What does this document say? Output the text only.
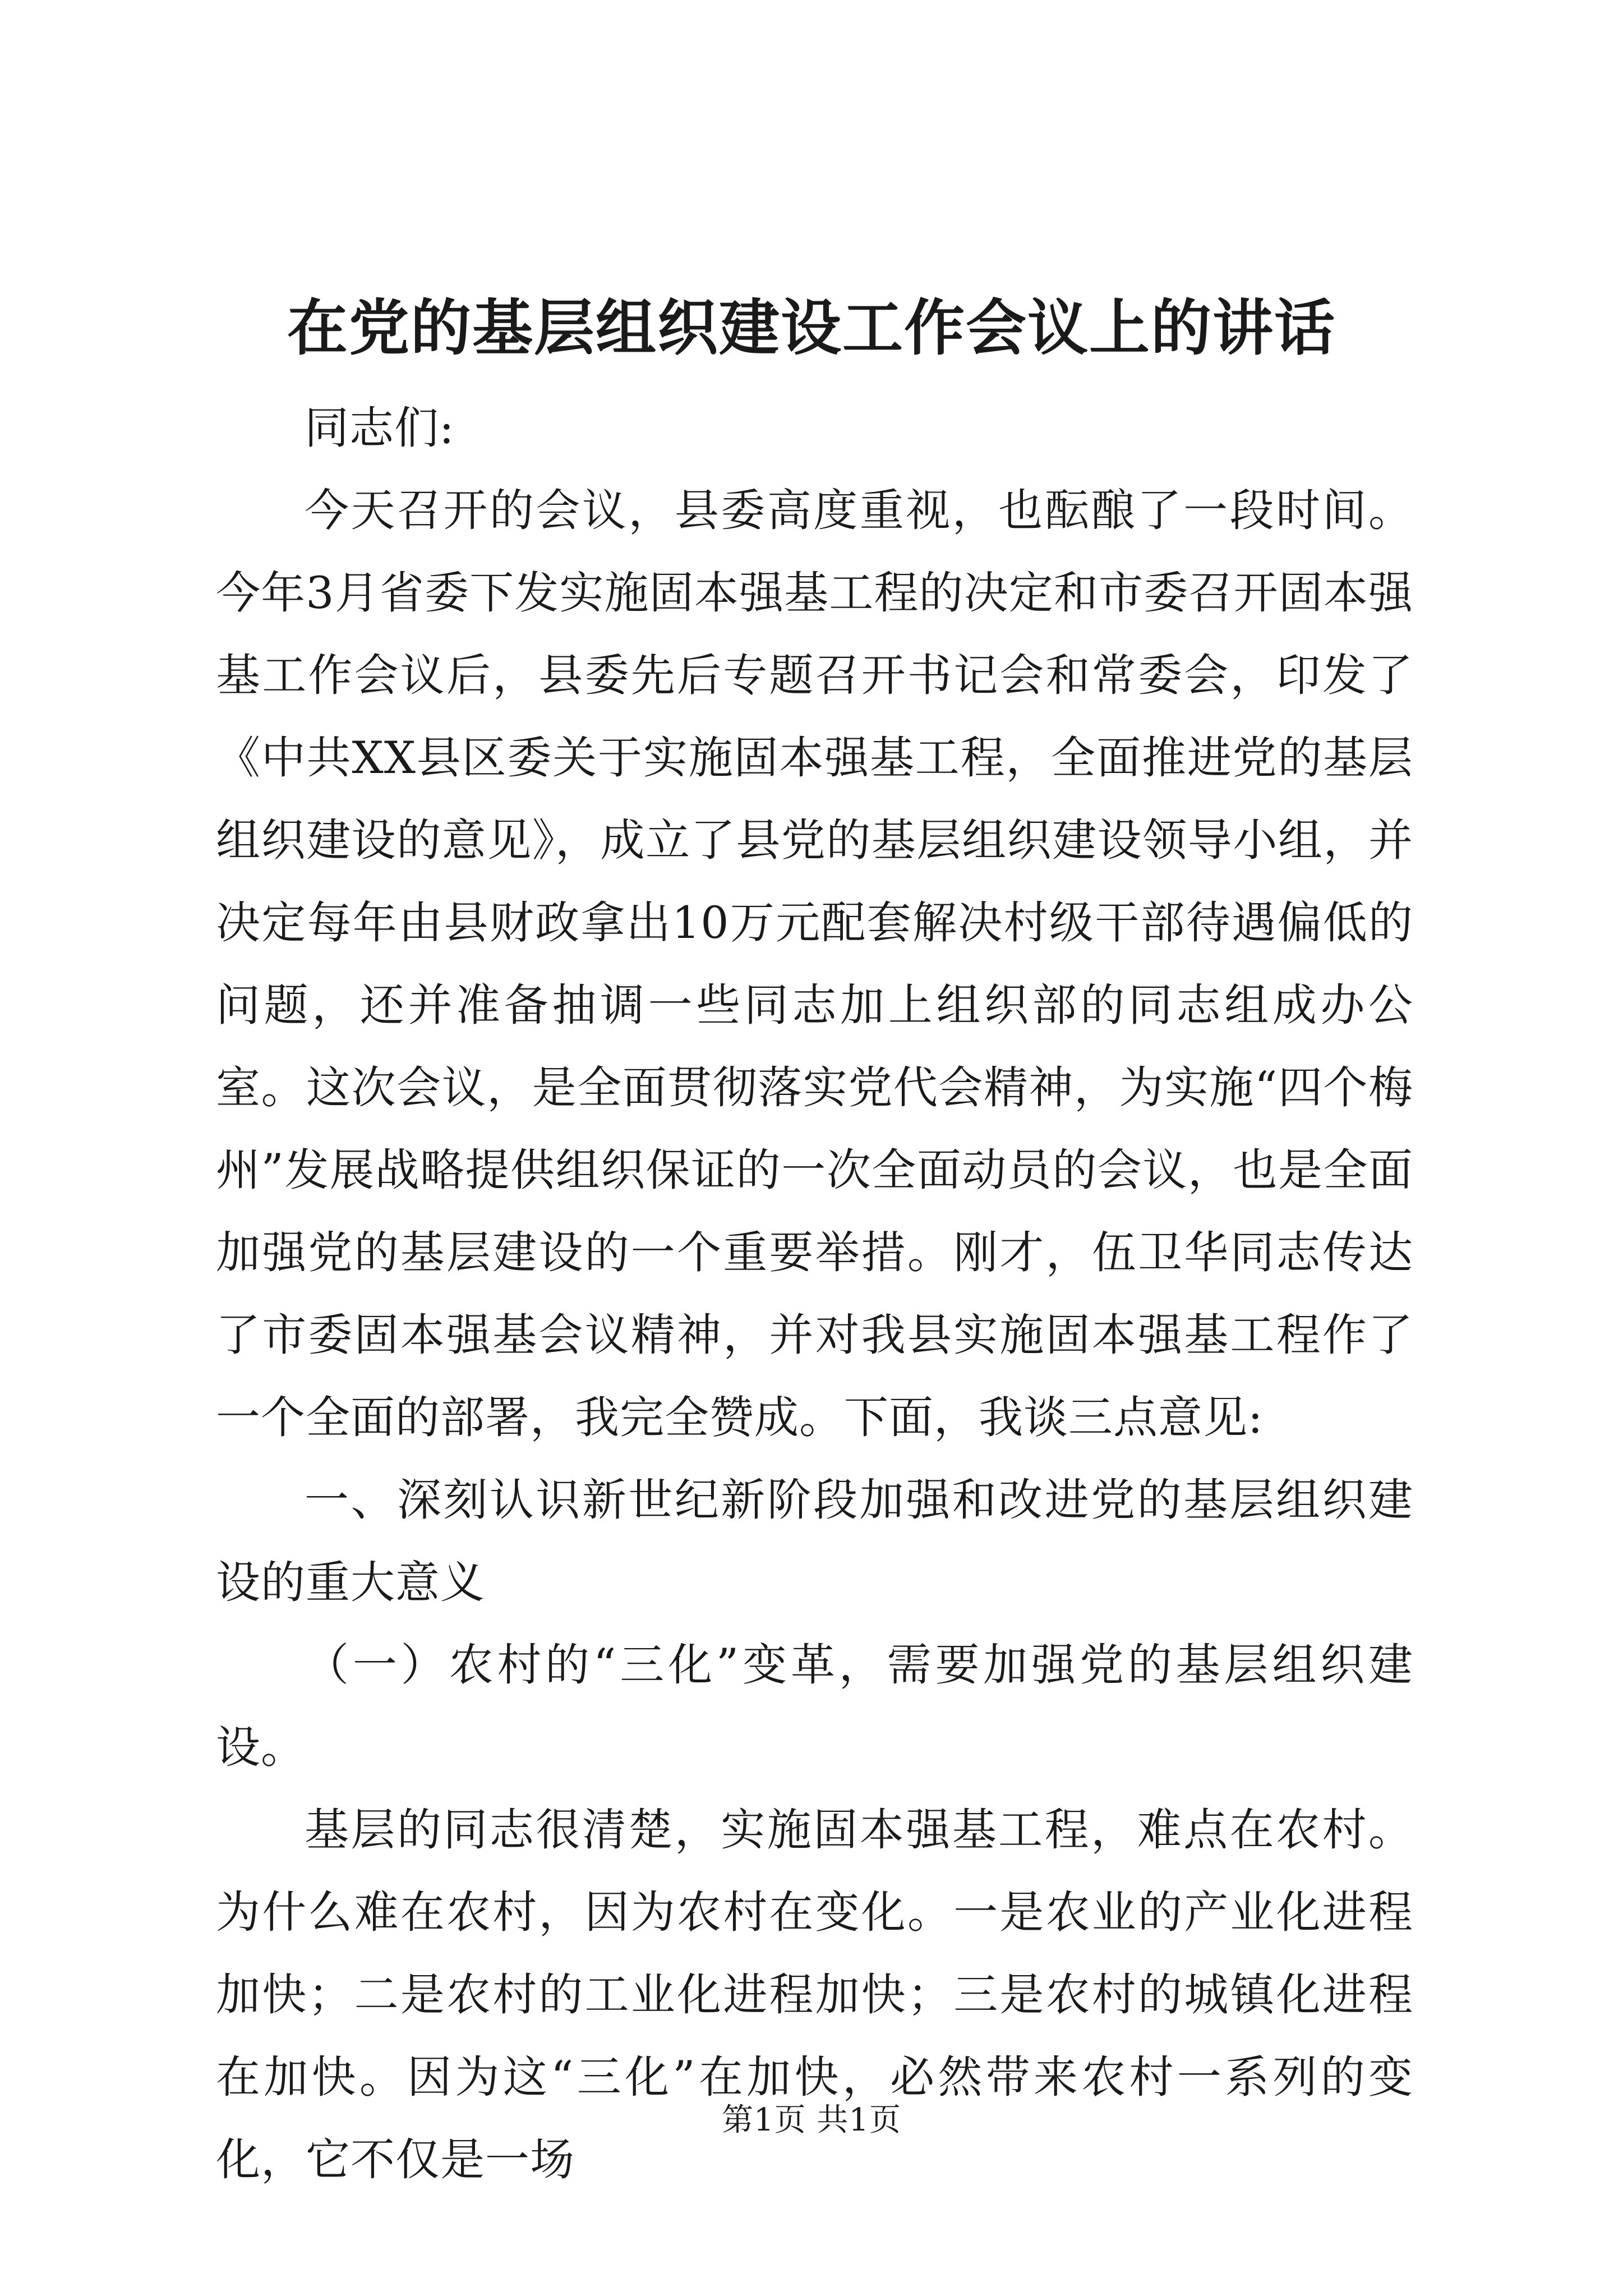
在党的基层组织建设工作会议上的讲话

同志们:

今天召开的会议，县委高度重视，也酝酿了一段时间。今年3月省委下发实施固本强基工程的决定和市委召开固本强基工作会议后，县委先后专题召开书记会和常委会，印发了《中共XX县区委关于实施固本强基工程，全面推进党的基层组织建设的意见》，成立了县党的基层组织建设领导小组，并决定每年由县财政拿出10万元配套解决村级干部待遇偏低的问题，还并准备抽调一些同志加上组织部的同志组成办公室。这次会议，是全面贯彻落实党代会精神，为实施“四个梅州”发展战略提供组织保证的一次全面动员的会议，也是全面加强党的基层建设的一个重要举措。刚才，伍卫华同志传达了市委固本强基会议精神，并对我县实施固本强基工程作了一个全面的部署，我完全赞成。下面，我谈三点意见:

一、深刻认识新世纪新阶段加强和改进党的基层组织建设的重大意义

（一）农村的“三化”变革，需要加强党的基层组织建设。

基层的同志很清楚，实施固本强基工程，难点在农村。为什么难在农村，因为农村在变化。一是农业的产业化进程加快；二是农村的工业化进程加快；三是农村的城镇化进程在加快。因为这“三化”在加快，必然带来农村一系列的变化，它不仅是一场

第1页 共1页
